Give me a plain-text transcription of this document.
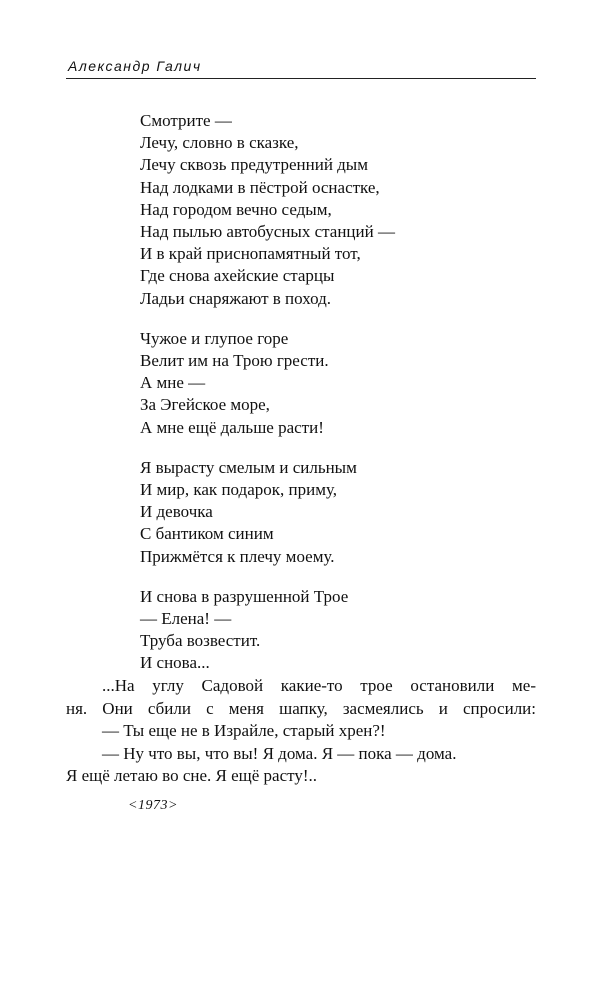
Александр Галич
Смотрите —
Лечу, словно в сказке,
Лечу сквозь предутренний дым
Над лодками в пёстрой оснастке,
Над городом вечно седым,
Над пылью автобусных станций —
И в край приснопамятный тот,
Где снова ахейские старцы
Ладьи снаряжают в поход.
Чужое и глупое горе
Велит им на Трою грести.
А мне —
За Эгейское море,
А мне ещё дальше расти!
Я вырасту смелым и сильным
И мир, как подарок, приму,
И девочка
С бантиком синим
Прижмётся к плечу моему.
И снова в разрушенной Трое
— Елена! —
Труба возвестит.
И снова...
...На углу Садовой какие-то трое остановили ме-
ня. Они сбили с меня шапку, засмеялись и спросили:
— Ты еще не в Израйле, старый хрен?!
— Ну что вы, что вы! Я дома. Я — пока — дома.
Я ещё летаю во сне. Я ещё расту!..
<1973>
